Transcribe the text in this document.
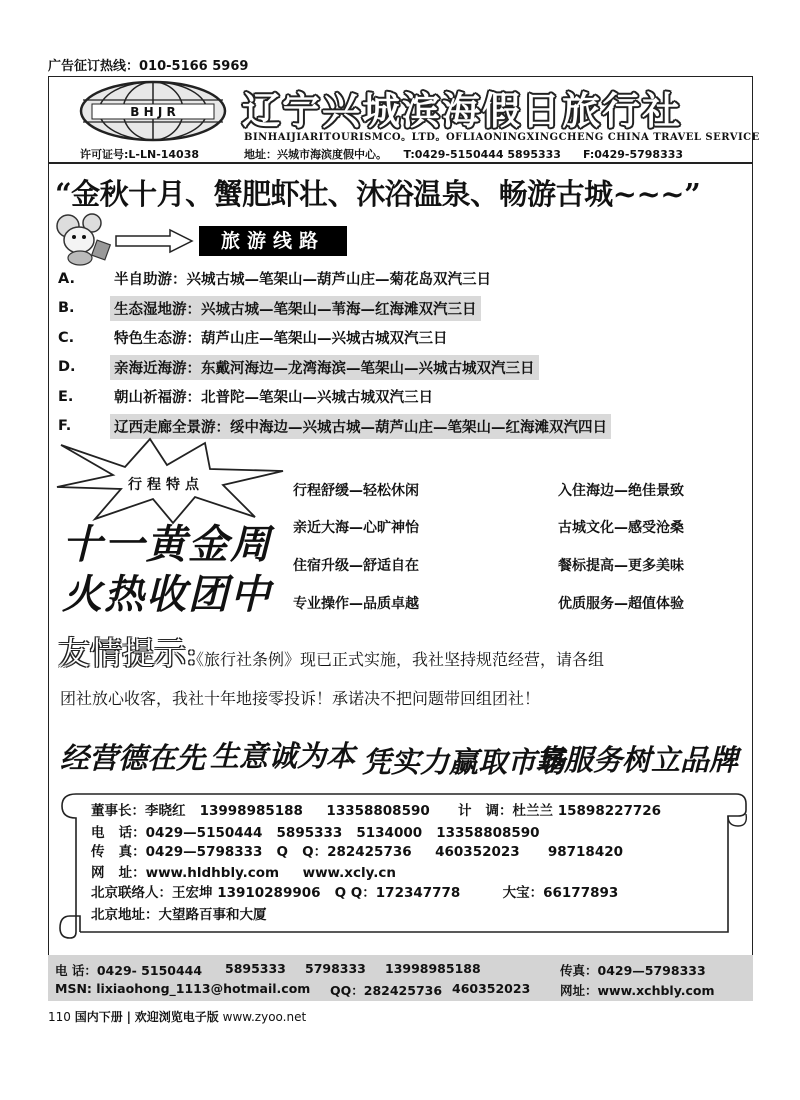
广告征订热线：010-5166 5969
B H J R 辽宁兴城滨海假日旅行社
BINHAIJIARITOURISMCO。LTD。OFLIAONINGXINGCHENG CHINA TRAVEL SERVICE
许可证号:L-LN-14038	地址：兴城市海滨度假中心。　　T:0429-5150444 5895333　　F:0429-5798333
“金秋十月、蟹肥虾壮、沐浴温泉、畅游古城~~~”
旅游线路
A.	半自助游：兴城古城—笔架山—葫芦山庄—菊花岛双汽三日
B.	生态湿地游：兴城古城—笔架山—苇海—红海滩双汽三日
C.	特色生态游：葫芦山庄—笔架山—兴城古城双汽三日
D.	亲海近海游：东戴河海边—龙湾海滨—笔架山—兴城古城双汽三日
E.	朝山祈福游：北普陀—笔架山—兴城古城双汽三日
F.	辽西走廊全景游：绥中海边—兴城古城—葫芦山庄—笔架山—红海滩双汽四日
行程特点
十一黄金周
火热收团中
行程舒缓—轻松休闲	入住海边—绝佳景致
亲近大海—心旷神怡	古城文化—感受沧桑
住宿升级—舒适自在	餐标提高—更多美味
专业操作—品质卓越	优质服务—超值体验
友情提示:
《旅行社条例》现已正式实施，我社坚持规范经营，请各组
团社放心收客，我社十年地接零投诉！承诺决不把问题带回组团社！
经营德在先 生意诚为本 凭实力赢取市场
靠服务树立品牌
董事长：李晓红   13998985188     13358808590      计   调：杜兰兰 15898227726
电   话：0429—5150444   5895333   5134000   13358808590
传   真：0429—5798333   Q   Q：282425736     460352023      98718420
网   址：www.hldhbly.com     www.xcly.cn
北京联络人：王宏坤 13910289906   Q Q：172347778         大宝：66177893
北京地址：大望路百事和大厦
电 话：0429- 5150444 5895333 5798333 13998985188	传真：0429—5798333
MSN: lixiaohong_1113@hotmail.com QQ：282425736 460352023 网址：www.xchbly.com
110 国内下册 | 欢迎浏览电子版 www.zyoo.net
